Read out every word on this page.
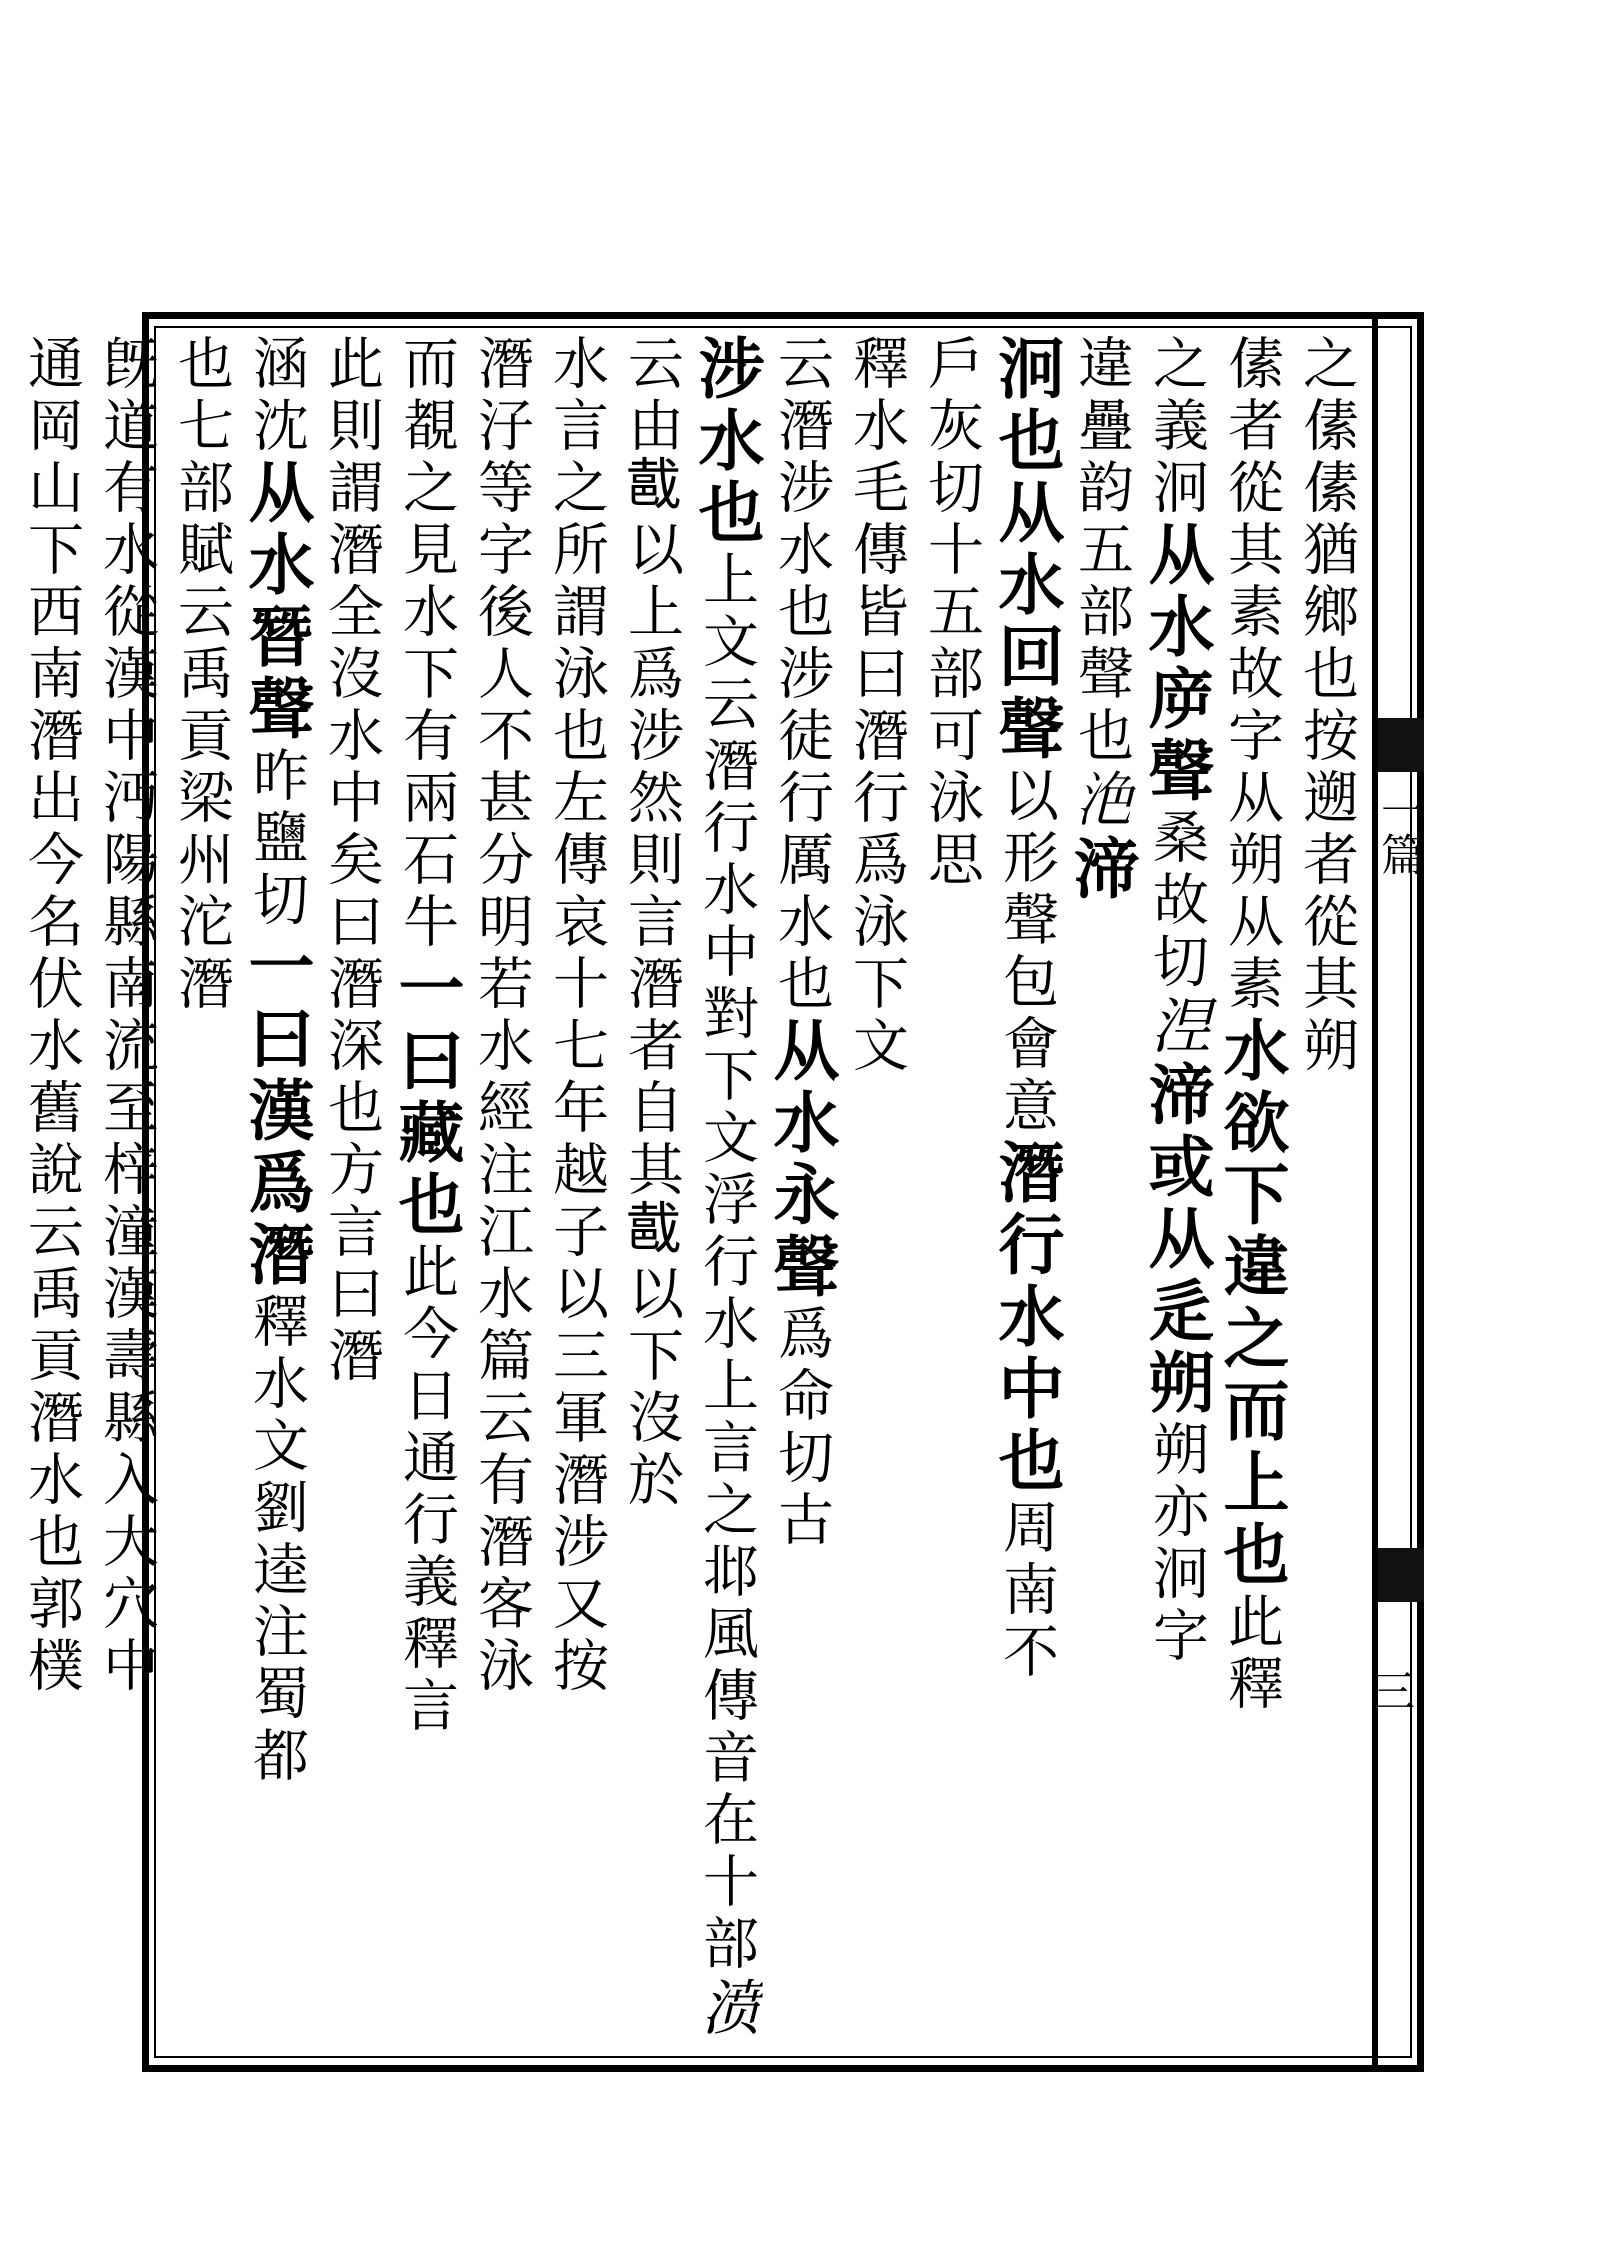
一篇
三
之傃傃猶鄉也按遡者從其朔
傃者從其素故字从朔从素水欲下違之而上也此釋
之義泂从水㡿聲桑故切𣵀渧或从辵朔朔亦泂字
違疊韵五部聲也𣴊渧
泂也从水回聲以形聲包會意潛行水中也周南不
戶灰切十五部可泳思
釋水毛傳皆曰潛行爲泳下文
云潛涉水也涉徒行厲水也从水永聲爲命切古
涉水也上文云潛行水中對下文浮行水上言之邶風傳音在十部𣸣
云由𨚵以上爲涉然則言潛者自其𨚵以下沒於
水言之所謂泳也左傳哀十七年越子以三軍潛涉又按
潛汓等字後人不甚分明若水經注江水篇云有潛客泳
而覩之見水下有兩石牛一曰藏也此今日通行義釋言
此則謂潛全沒水中矣曰潛深也方言曰潛
涵沈从水朁聲昨鹽切一曰漢爲潛釋水文劉逵注蜀都
也七部賦云禹貢梁州沱潛
旣道有水從漢中沔陽縣南流至梓潼漢壽縣入大穴中
通岡山下西南潛出今名伏水舊說云禹貢潛水也郭樸
